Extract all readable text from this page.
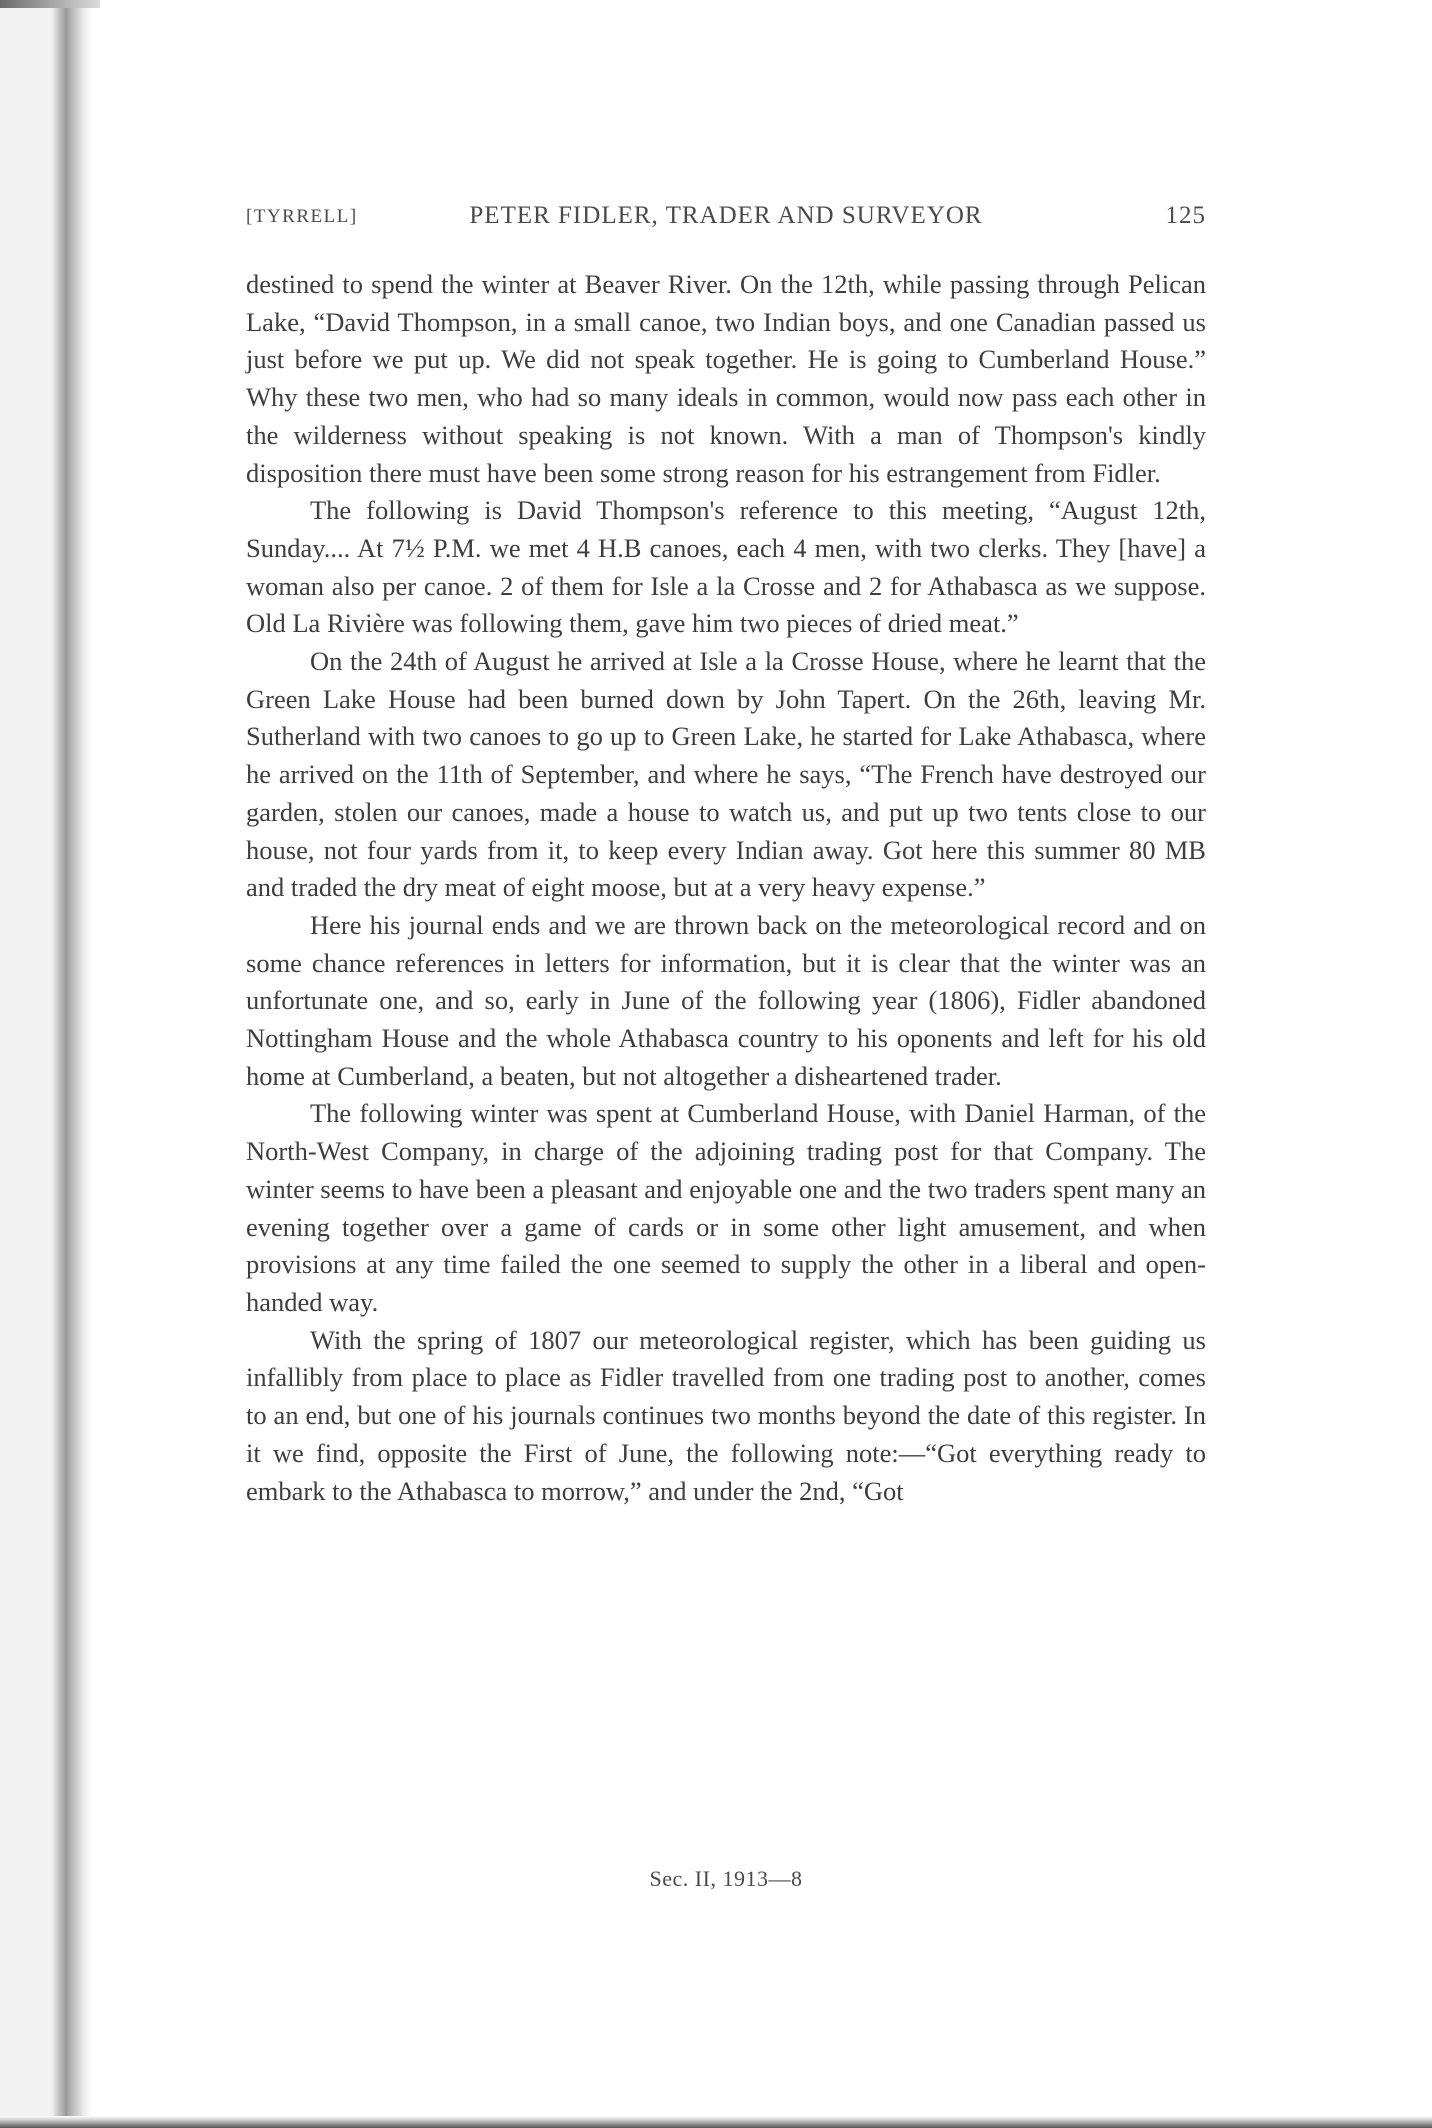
[TYRRELL]	PETER FIDLER, TRADER AND SURVEYOR	125

destined to spend the winter at Beaver River. On the 12th, while passing through Pelican Lake, “David Thompson, in a small canoe, two Indian boys, and one Canadian passed us just before we put up. We did not speak together. He is going to Cumberland House.” Why these two men, who had so many ideals in common, would now pass each other in the wilderness without speaking is not known. With a man of Thompson's kindly disposition there must have been some strong reason for his estrangement from Fidler.

The following is David Thompson's reference to this meeting, “August 12th, Sunday.... At 7½ P.M. we met 4 H.B canoes, each 4 men, with two clerks. They [have] a woman also per canoe. 2 of them for Isle a la Crosse and 2 for Athabasca as we suppose. Old La Rivière was following them, gave him two pieces of dried meat.”

On the 24th of August he arrived at Isle a la Crosse House, where he learnt that the Green Lake House had been burned down by John Tapert. On the 26th, leaving Mr. Sutherland with two canoes to go up to Green Lake, he started for Lake Athabasca, where he arrived on the 11th of September, and where he says, “The French have destroyed our garden, stolen our canoes, made a house to watch us, and put up two tents close to our house, not four yards from it, to keep every Indian away. Got here this summer 80 MB and traded the dry meat of eight moose, but at a very heavy expense.”

Here his journal ends and we are thrown back on the meteorological record and on some chance references in letters for information, but it is clear that the winter was an unfortunate one, and so, early in June of the following year (1806), Fidler abandoned Nottingham House and the whole Athabasca country to his oponents and left for his old home at Cumberland, a beaten, but not altogether a disheartened trader.

The following winter was spent at Cumberland House, with Daniel Harman, of the North-West Company, in charge of the adjoining trading post for that Company. The winter seems to have been a pleasant and enjoyable one and the two traders spent many an evening together over a game of cards or in some other light amusement, and when provisions at any time failed the one seemed to supply the other in a liberal and open-handed way.

With the spring of 1807 our meteorological register, which has been guiding us infallibly from place to place as Fidler travelled from one trading post to another, comes to an end, but one of his journals continues two months beyond the date of this register. In it we find, opposite the First of June, the following note:—“Got everything ready to embark to the Athabasca to morrow,” and under the 2nd, “Got

Sec. II, 1913—8
